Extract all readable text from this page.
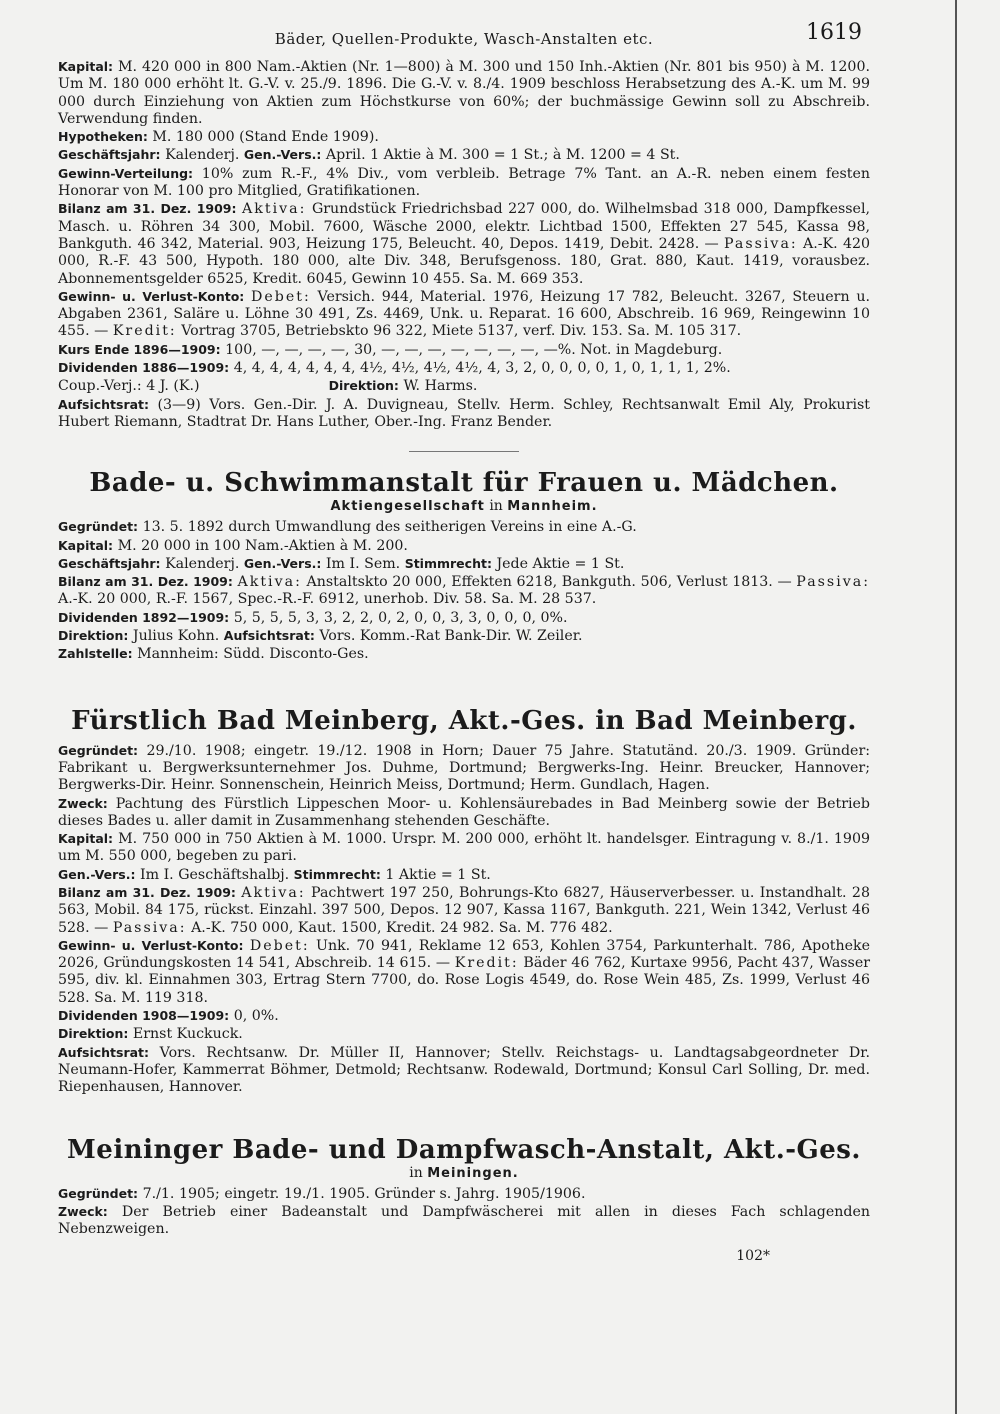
Bäder, Quellen-Produkte, Wasch-Anstalten etc.	1619

Kapital: M. 420 000 in 800 Nam.-Aktien (Nr. 1—800) à M. 300 und 150 Inh.-Aktien (Nr. 801 bis 950) à M. 1200. Um M. 180 000 erhöht lt. G.-V. v. 25./9. 1896. Die G.-V. v. 8./4. 1909 beschloss Herabsetzung des A.-K. um M. 99 000 durch Einziehung von Aktien zum Höchstkurse von 60%; der buchmässige Gewinn soll zu Abschreib. Verwendung finden.

Hypotheken: M. 180 000 (Stand Ende 1909).

Geschäftsjahr: Kalenderj. Gen.-Vers.: April. 1 Aktie à M. 300 = 1 St.; à M. 1200 = 4 St.

Gewinn-Verteilung: 10% zum R.-F., 4% Div., vom verbleib. Betrage 7% Tant. an A.-R. neben einem festen Honorar von M. 100 pro Mitglied, Gratifikationen.

Bilanz am 31. Dez. 1909: Aktiva: Grundstück Friedrichsbad 227 000, do. Wilhelmsbad 318 000, Dampfkessel, Masch. u. Röhren 34 300, Mobil. 7600, Wäsche 2000, elektr. Lichtbad 1500, Effekten 27 545, Kassa 98, Bankguth. 46 342, Material. 903, Heizung 175, Beleucht. 40, Depos. 1419, Debit. 2428. — Passiva: A.-K. 420 000, R.-F. 43 500, Hypoth. 180 000, alte Div. 348, Berufsgenoss. 180, Grat. 880, Kaut. 1419, vorausbez. Abonnementsgelder 6525, Kredit. 6045, Gewinn 10 455. Sa. M. 669 353.

Gewinn- u. Verlust-Konto: Debet: Versich. 944, Material. 1976, Heizung 17 782, Beleucht. 3267, Steuern u. Abgaben 2361, Saläre u. Löhne 30 491, Zs. 4469, Unk. u. Reparat. 16 600, Abschreib. 16 969, Reingewinn 10 455. — Kredit: Vortrag 3705, Betriebskto 96 322, Miete 5137, verf. Div. 153. Sa. M. 105 317.

Kurs Ende 1896—1909: 100, —, —, —, —, 30, —, —, —, —, —, —, —, —%. Not. in Magdeburg.

Dividenden 1886—1909: 4, 4, 4, 4, 4, 4, 4, 4½, 4½, 4½, 4½, 4, 3, 2, 0, 0, 0, 0, 1, 0, 1, 1, 1, 2%.

Coup.-Verj.: 4 J. (K.)	Direktion: W. Harms.

Aufsichtsrat: (3—9) Vors. Gen.-Dir. J. A. Duvigneau, Stellv. Herm. Schley, Rechtsanwalt Emil Aly, Prokurist Hubert Riemann, Stadtrat Dr. Hans Luther, Ober.-Ing. Franz Bender.

Bade- u. Schwimmanstalt für Frauen u. Mädchen.
Aktiengesellschaft in Mannheim.

Gegründet: 13. 5. 1892 durch Umwandlung des seitherigen Vereins in eine A.-G.

Kapital: M. 20 000 in 100 Nam.-Aktien à M. 200.

Geschäftsjahr: Kalenderj. Gen.-Vers.: Im I. Sem. Stimmrecht: Jede Aktie = 1 St.

Bilanz am 31. Dez. 1909: Aktiva: Anstaltskto 20 000, Effekten 6218, Bankguth. 506, Verlust 1813. — Passiva: A.-K. 20 000, R.-F. 1567, Spec.-R.-F. 6912, unerhob. Div. 58. Sa. M. 28 537.

Dividenden 1892—1909: 5, 5, 5, 5, 3, 3, 2, 2, 0, 2, 0, 0, 3, 3, 0, 0, 0, 0%.

Direktion: Julius Kohn. Aufsichtsrat: Vors. Komm.-Rat Bank-Dir. W. Zeiler.

Zahlstelle: Mannheim: Südd. Disconto-Ges.

Fürstlich Bad Meinberg, Akt.-Ges. in Bad Meinberg.

Gegründet: 29./10. 1908; eingetr. 19./12. 1908 in Horn; Dauer 75 Jahre. Statutänd. 20./3. 1909. Gründer: Fabrikant u. Bergwerksunternehmer Jos. Duhme, Dortmund; Bergwerks-Ing. Heinr. Breucker, Hannover; Bergwerks-Dir. Heinr. Sonnenschein, Heinrich Meiss, Dortmund; Herm. Gundlach, Hagen.

Zweck: Pachtung des Fürstlich Lippeschen Moor- u. Kohlensäurebades in Bad Meinberg sowie der Betrieb dieses Bades u. aller damit in Zusammenhang stehenden Geschäfte.

Kapital: M. 750 000 in 750 Aktien à M. 1000. Urspr. M. 200 000, erhöht lt. handelsger. Eintragung v. 8./1. 1909 um M. 550 000, begeben zu pari.

Gen.-Vers.: Im I. Geschäftshalbj. Stimmrecht: 1 Aktie = 1 St.

Bilanz am 31. Dez. 1909: Aktiva: Pachtwert 197 250, Bohrungs-Kto 6827, Häuserverbesser. u. Instandhalt. 28 563, Mobil. 84 175, rückst. Einzahl. 397 500, Depos. 12 907, Kassa 1167, Bankguth. 221, Wein 1342, Verlust 46 528. — Passiva: A.-K. 750 000, Kaut. 1500, Kredit. 24 982. Sa. M. 776 482.

Gewinn- u. Verlust-Konto: Debet: Unk. 70 941, Reklame 12 653, Kohlen 3754, Parkunterhalt. 786, Apotheke 2026, Gründungskosten 14 541, Abschreib. 14 615. — Kredit: Bäder 46 762, Kurtaxe 9956, Pacht 437, Wasser 595, div. kl. Einnahmen 303, Ertrag Stern 7700, do. Rose Logis 4549, do. Rose Wein 485, Zs. 1999, Verlust 46 528. Sa. M. 119 318.

Dividenden 1908—1909: 0, 0%.

Direktion: Ernst Kuckuck.

Aufsichtsrat: Vors. Rechtsanw. Dr. Müller II, Hannover; Stellv. Reichstags- u. Landtagsabgeordneter Dr. Neumann-Hofer, Kammerrat Böhmer, Detmold; Rechtsanw. Rodewald, Dortmund; Konsul Carl Solling, Dr. med. Riepenhausen, Hannover.

Meininger Bade- und Dampfwasch-Anstalt, Akt.-Ges.
in Meiningen.

Gegründet: 7./1. 1905; eingetr. 19./1. 1905. Gründer s. Jahrg. 1905/1906.

Zweck: Der Betrieb einer Badeanstalt und Dampfwäscherei mit allen in dieses Fach schlagenden Nebenzweigen.

102*
